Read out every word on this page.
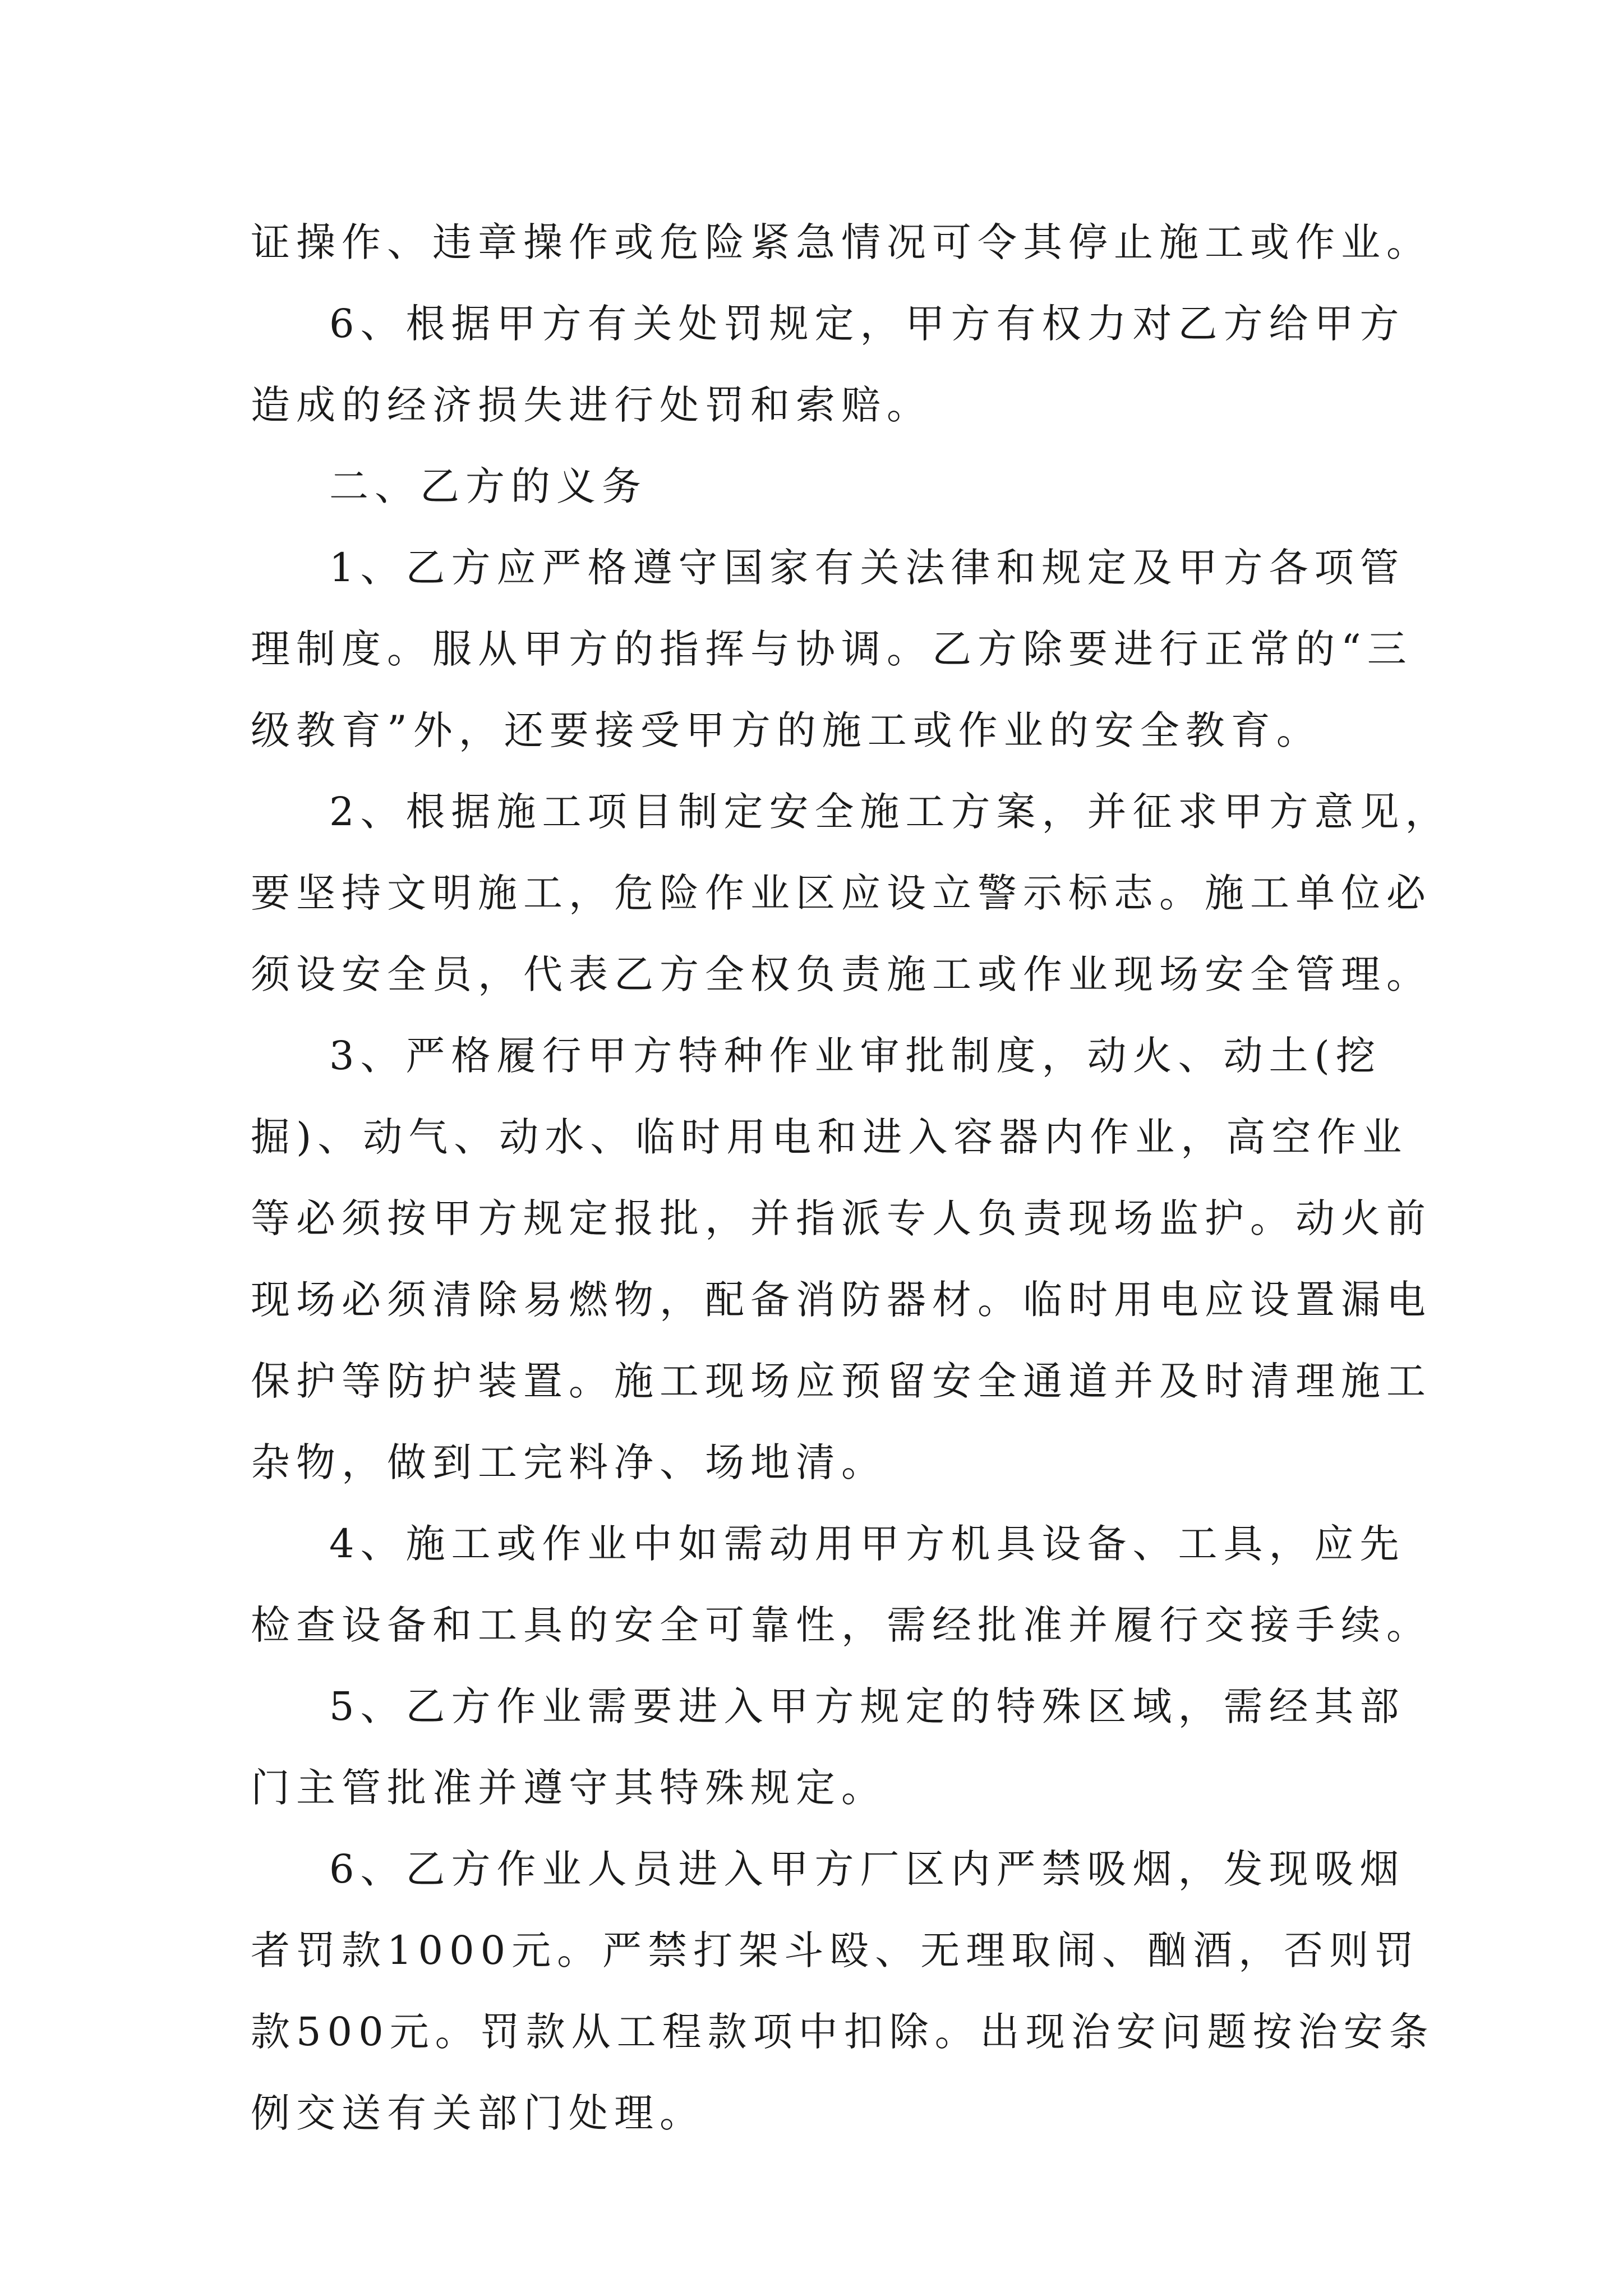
证操作、违章操作或危险紧急情况可令其停止施工或作业。
6、根据甲方有关处罚规定，甲方有权力对乙方给甲方
造成的经济损失进行处罚和索赔。
二、乙方的义务
1、乙方应严格遵守国家有关法律和规定及甲方各项管
理制度。服从甲方的指挥与协调。乙方除要进行正常的“三
级教育”外，还要接受甲方的施工或作业的安全教育。
2、根据施工项目制定安全施工方案，并征求甲方意见，
要坚持文明施工，危险作业区应设立警示标志。施工单位必
须设安全员，代表乙方全权负责施工或作业现场安全管理。
3、严格履行甲方特种作业审批制度，动火、动土(挖
掘)、动气、动水、临时用电和进入容器内作业，高空作业
等必须按甲方规定报批，并指派专人负责现场监护。动火前
现场必须清除易燃物，配备消防器材。临时用电应设置漏电
保护等防护装置。施工现场应预留安全通道并及时清理施工
杂物，做到工完料净、场地清。
4、施工或作业中如需动用甲方机具设备、工具，应先
检查设备和工具的安全可靠性，需经批准并履行交接手续。
5、乙方作业需要进入甲方规定的特殊区域，需经其部
门主管批准并遵守其特殊规定。
6、乙方作业人员进入甲方厂区内严禁吸烟，发现吸烟
者罚款1000元。严禁打架斗殴、无理取闹、酗酒，否则罚
款500元。罚款从工程款项中扣除。出现治安问题按治安条
例交送有关部门处理。
